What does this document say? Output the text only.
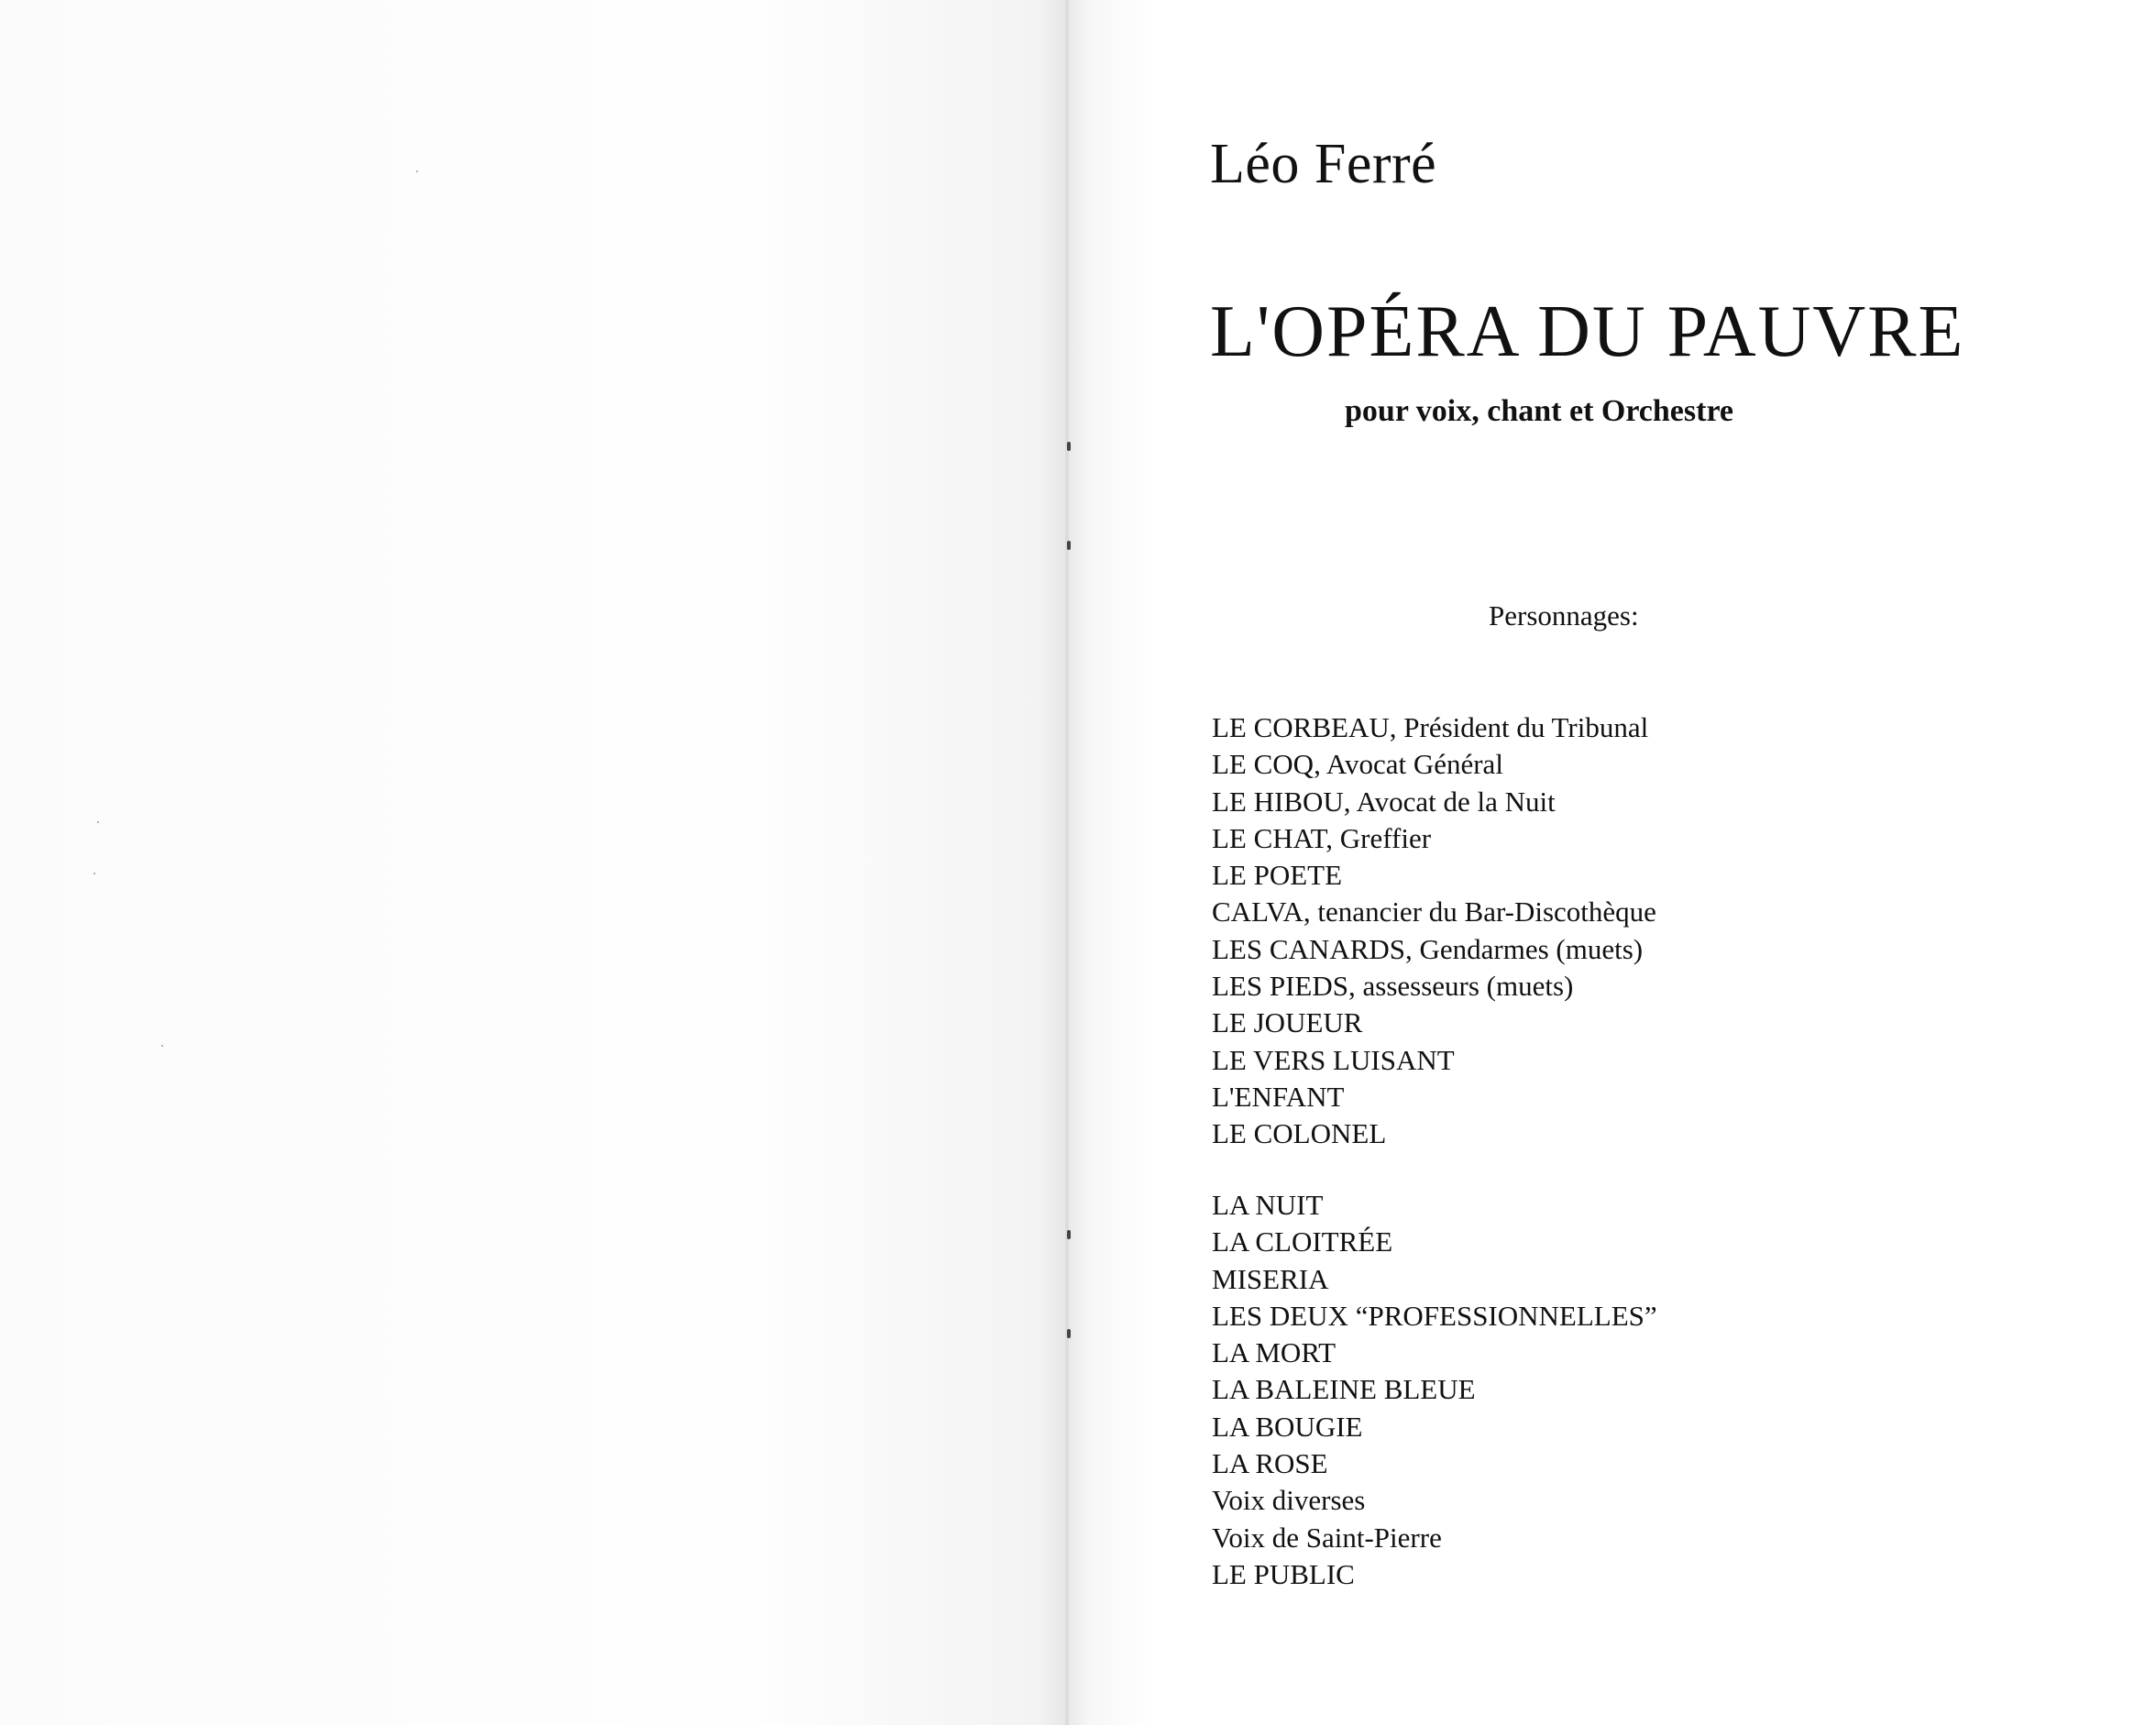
Léo Ferré
L'OPÉRA DU PAUVRE
pour voix, chant et Orchestre
Personnages:
LE CORBEAU, Président du Tribunal
LE COQ, Avocat Général
LE HIBOU, Avocat de la Nuit
LE CHAT, Greffier
LE POETE
CALVA, tenancier du Bar-Discothèque
LES CANARDS, Gendarmes (muets)
LES PIEDS, assesseurs (muets)
LE JOUEUR
LE VERS LUISANT
L'ENFANT
LE COLONEL
LA NUIT
LA CLOITRÉE
MISERIA
LES DEUX “PROFESSIONNELLES”
LA MORT
LA BALEINE BLEUE
LA BOUGIE
LA ROSE
Voix diverses
Voix de Saint-Pierre
LE PUBLIC
